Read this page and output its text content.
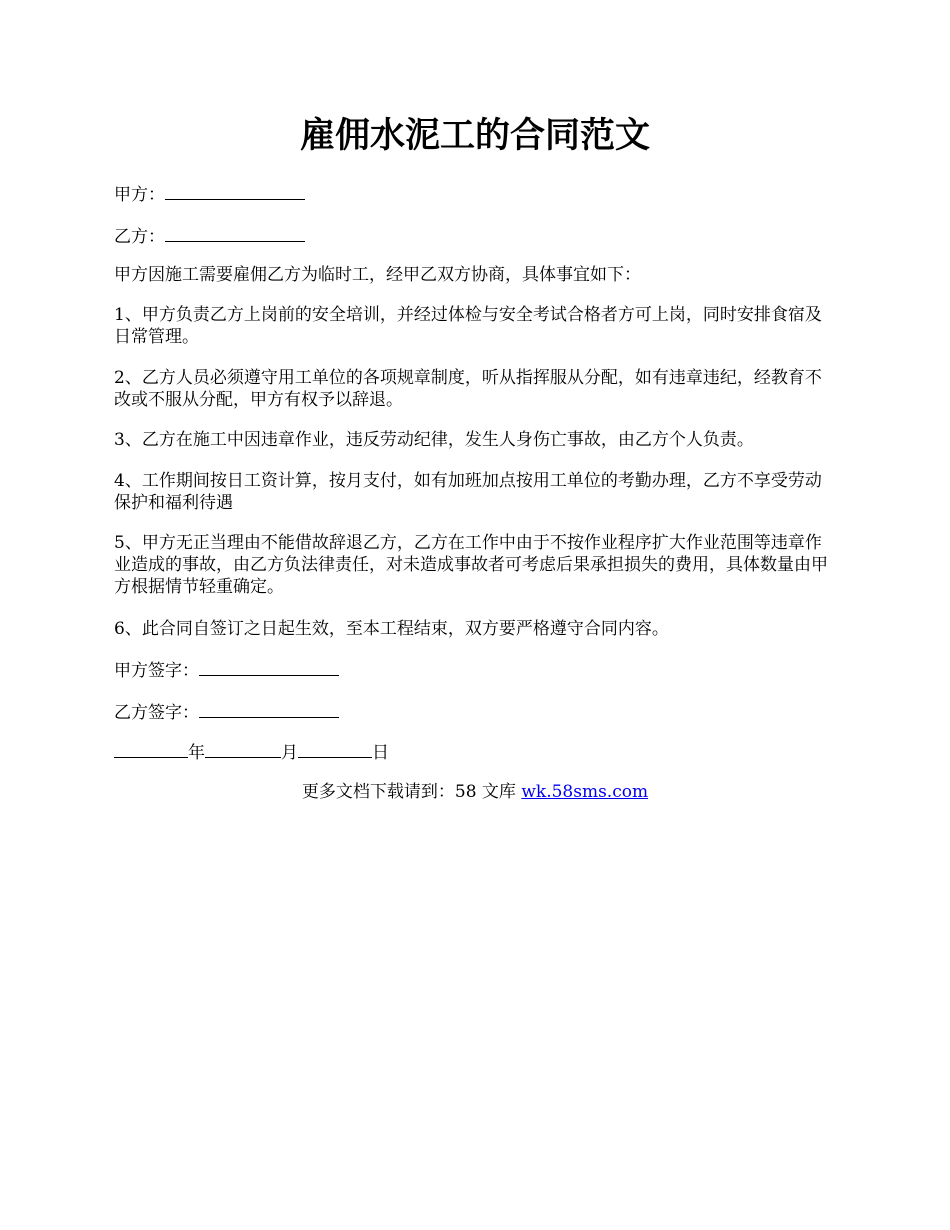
雇佣水泥工的合同范文
甲方：
乙方：
甲方因施工需要雇佣乙方为临时工，经甲乙双方协商，具体事宜如下：
1、甲方负责乙方上岗前的安全培训，并经过体检与安全考试合格者方可上岗，同时安排食宿及日常管理。
2、乙方人员必须遵守用工单位的各项规章制度，听从指挥服从分配，如有违章违纪，经教育不改或不服从分配，甲方有权予以辞退。
3、乙方在施工中因违章作业，违反劳动纪律，发生人身伤亡事故，由乙方个人负责。
4、工作期间按日工资计算，按月支付，如有加班加点按用工单位的考勤办理，乙方不享受劳动保护和福利待遇
5、甲方无正当理由不能借故辞退乙方，乙方在工作中由于不按作业程序扩大作业范围等违章作业造成的事故，由乙方负法律责任，对未造成事故者可考虑后果承担损失的费用，具体数量由甲方根据情节轻重确定。
6、此合同自签订之日起生效，至本工程结束，双方要严格遵守合同内容。
甲方签字：
乙方签字：
年	月	日
更多文档下载请到：58 文库 wk.58sms.com
